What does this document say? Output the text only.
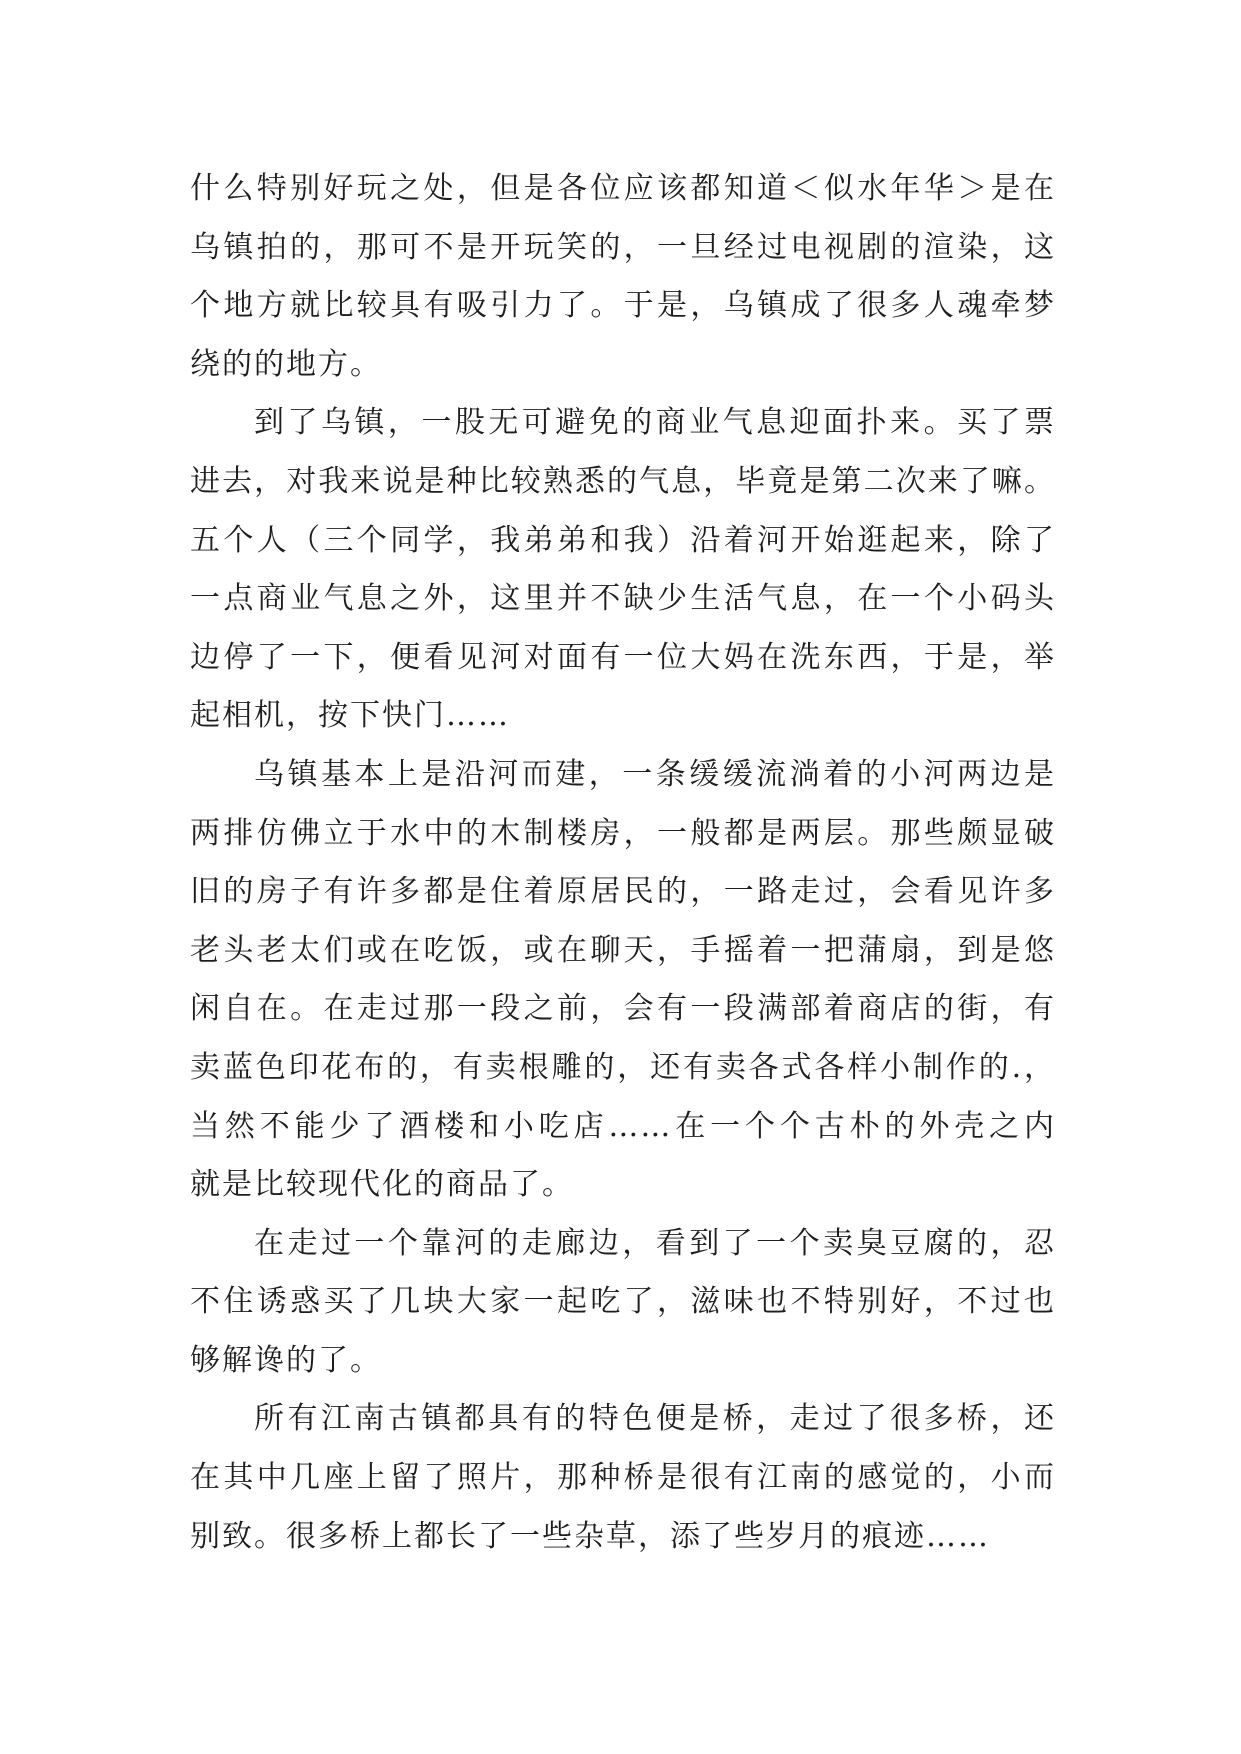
什么特别好玩之处，但是各位应该都知道＜似水年华＞是在
乌镇拍的，那可不是开玩笑的，一旦经过电视剧的渲染，这
个地方就比较具有吸引力了。于是，乌镇成了很多人魂牵梦
绕的的地方。
到了乌镇，一股无可避免的商业气息迎面扑来。买了票
进去，对我来说是种比较熟悉的气息，毕竟是第二次来了嘛。
五个人（三个同学，我弟弟和我）沿着河开始逛起来，除了
一点商业气息之外，这里并不缺少生活气息，在一个小码头
边停了一下，便看见河对面有一位大妈在洗东西，于是，举
起相机，按下快门……
乌镇基本上是沿河而建，一条缓缓流淌着的小河两边是
两排仿佛立于水中的木制楼房，一般都是两层。那些颇显破
旧的房子有许多都是住着原居民的，一路走过，会看见许多
老头老太们或在吃饭，或在聊天，手摇着一把蒲扇，到是悠
闲自在。在走过那一段之前，会有一段满部着商店的街，有
卖蓝色印花布的，有卖根雕的，还有卖各式各样小制作的.，
当然不能少了酒楼和小吃店……在一个个古朴的外壳之内
就是比较现代化的商品了。
在走过一个靠河的走廊边，看到了一个卖臭豆腐的，忍
不住诱惑买了几块大家一起吃了，滋味也不特别好，不过也
够解谗的了。
所有江南古镇都具有的特色便是桥，走过了很多桥，还
在其中几座上留了照片，那种桥是很有江南的感觉的，小而
别致。很多桥上都长了一些杂草，添了些岁月的痕迹……
